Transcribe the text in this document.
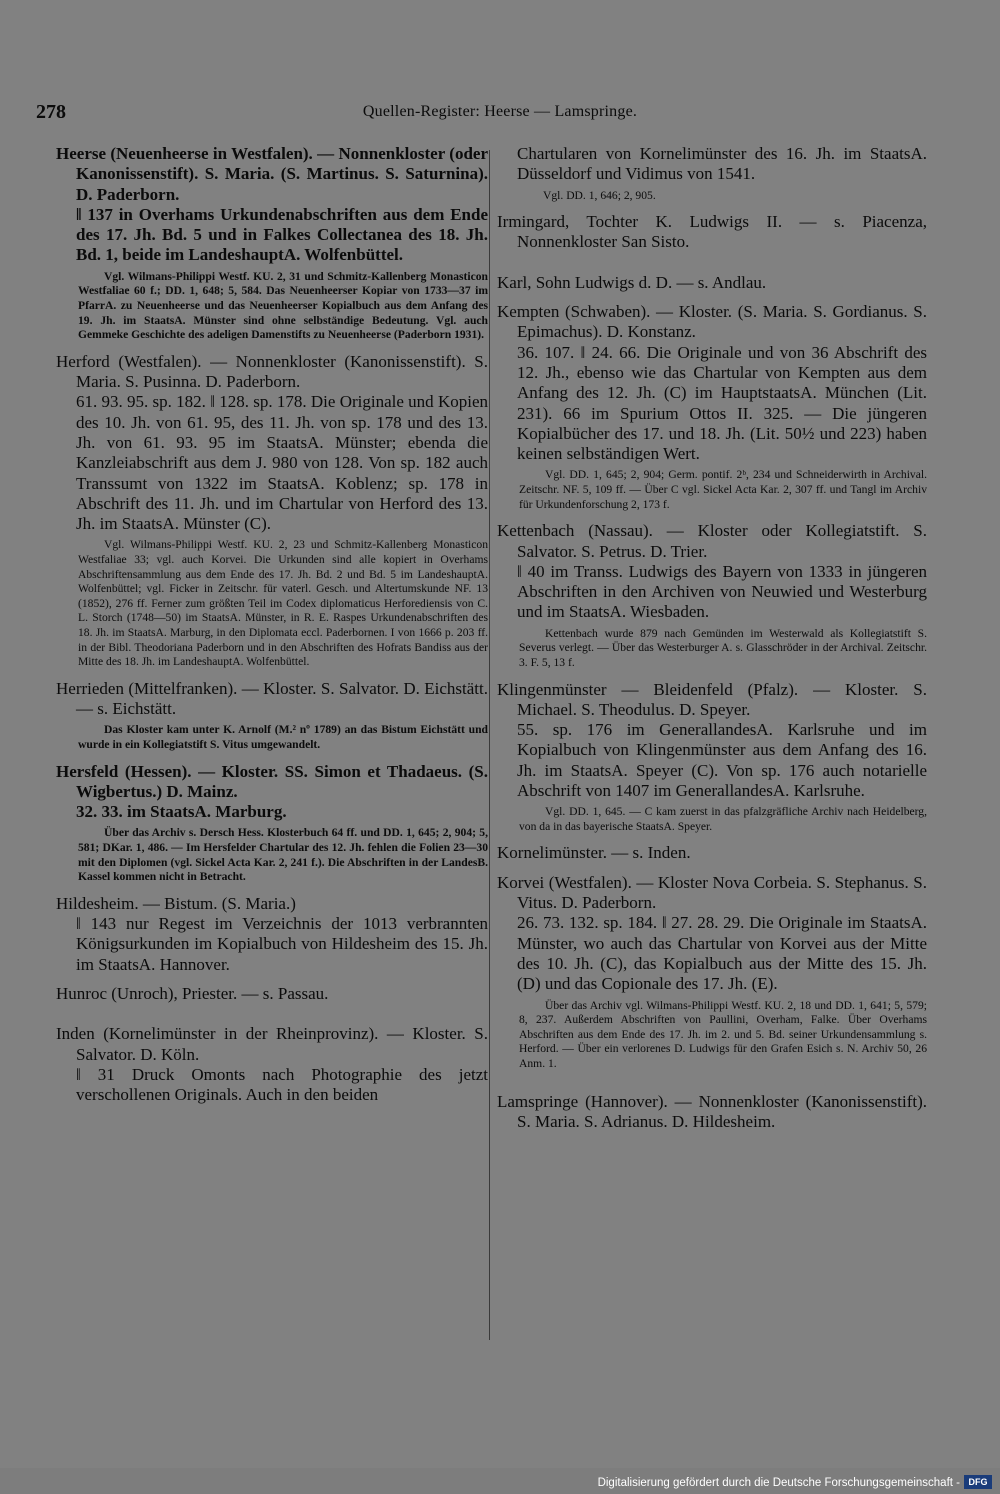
278	Quellen-Register: Heerse — Lamspringe.
Heerse (Neuenheerse in Westfalen). — Nonnenkloster (oder Kanonissenstift). S. Maria. (S. Martinus. S. Saturnina). D. Paderborn.
‖ 137 in Overhams Urkundenabschriften aus dem Ende des 17. Jh. Bd. 5 und in Falkes Collectanea des 18. Jh. Bd. 1, beide im LandeshauptA. Wolfenbüttel.
Vgl. Wilmans-Philippi Westf. KU. 2, 31 und Schmitz-Kallenberg Monasticon Westfaliae 60 f.; DD. 1, 648; 5, 584. Das Neuenheerser Kopiar von 1733—37 im PfarrA. zu Neuenheerse und das Neuenheerser Kopialbuch aus dem Anfang des 19. Jh. im StaatsA. Münster sind ohne selbständige Bedeutung. Vgl. auch Gemmeke Geschichte des adeligen Damenstifts zu Neuenheerse (Paderborn 1931).
Herford (Westfalen). — Nonnenkloster (Kanonissenstift). S. Maria. S. Pusinna. D. Paderborn.
61. 93. 95. sp. 182. ‖ 128. sp. 178. Die Originale und Kopien des 10. Jh. von 61. 95, des 11. Jh. von sp. 178 und des 13. Jh. von 61. 93. 95 im StaatsA. Münster; ebenda die Kanzleiabschrift aus dem J. 980 von 128. Von sp. 182 auch Transsumt von 1322 im StaatsA. Koblenz; sp. 178 in Abschrift des 11. Jh. und im Chartular von Herford des 13. Jh. im StaatsA. Münster (C).
Vgl. Wilmans-Philippi Westf. KU. 2, 23 und Schmitz-Kallenberg Monasticon Westfaliae 33; vgl. auch Korvei. Die Urkunden sind alle kopiert in Overhams Abschriftensammlung aus dem Ende des 17. Jh. Bd. 2 und Bd. 5 im LandeshauptA. Wolfenbüttel; vgl. Ficker in Zeitschr. für vaterl. Gesch. und Altertumskunde NF. 13 (1852), 276 ff. Ferner zum größten Teil im Codex diplomaticus Herforediensis von C. L. Storch (1748—50) im StaatsA. Münster, in R. E. Raspes Urkundenabschriften des 18. Jh. im StaatsA. Marburg, in den Diplomata eccl. Paderbornen. I von 1666 p. 203 ff. in der Bibl. Theodoriana Paderborn und in den Abschriften des Hofrats Bandiss aus der Mitte des 18. Jh. im LandeshauptA. Wolfenbüttel.
Herrieden (Mittelfranken). — Kloster. S. Salvator. D. Eichstätt. — s. Eichstätt.
Das Kloster kam unter K. Arnolf (M.² nº 1789) an das Bistum Eichstätt und wurde in ein Kollegiatstift S. Vitus umgewandelt.
Hersfeld (Hessen). — Kloster. SS. Simon et Thadaeus. (S. Wigbertus.) D. Mainz.
32. 33. im StaatsA. Marburg.
Über das Archiv s. Dersch Hess. Klosterbuch 64 ff. und DD. 1, 645; 2, 904; 5, 581; DKar. 1, 486. — Im Hersfelder Chartular des 12. Jh. fehlen die Folien 23—30 mit den Diplomen (vgl. Sickel Acta Kar. 2, 241 f.). Die Abschriften in der LandesB. Kassel kommen nicht in Betracht.
Hildesheim. — Bistum. (S. Maria.)
‖ 143 nur Regest im Verzeichnis der 1013 verbrannten Königsurkunden im Kopialbuch von Hildesheim des 15. Jh. im StaatsA. Hannover.
Hunroc (Unroch), Priester. — s. Passau.
Inden (Kornelimünster in der Rheinprovinz). — Kloster. S. Salvator. D. Köln.
‖ 31 Druck Omonts nach Photographie des jetzt verschollenen Originals. Auch in den beiden
Chartularen von Kornelimünster des 16. Jh. im StaatsA. Düsseldorf und Vidimus von 1541.
Vgl. DD. 1, 646; 2, 905.
Irmingard, Tochter K. Ludwigs II. — s. Piacenza, Nonnenkloster San Sisto.
Karl, Sohn Ludwigs d. D. — s. Andlau.
Kempten (Schwaben). — Kloster. (S. Maria. S. Gordianus. S. Epimachus). D. Konstanz.
36. 107. ‖ 24. 66. Die Originale und von 36 Abschrift des 12. Jh., ebenso wie das Chartular von Kempten aus dem Anfang des 12. Jh. (C) im HauptstaatsA. München (Lit. 231). 66 im Spurium Ottos II. 325. — Die jüngeren Kopialbücher des 17. und 18. Jh. (Lit. 50½ und 223) haben keinen selbständigen Wert.
Vgl. DD. 1, 645; 2, 904; Germ. pontif. 2ᵇ, 234 und Schneiderwirth in Archival. Zeitschr. NF. 5, 109 ff. — Über C vgl. Sickel Acta Kar. 2, 307 ff. und Tangl im Archiv für Urkundenforschung 2, 173 f.
Kettenbach (Nassau). — Kloster oder Kollegiatstift. S. Salvator. S. Petrus. D. Trier.
‖ 40 im Transs. Ludwigs des Bayern von 1333 in jüngeren Abschriften in den Archiven von Neuwied und Westerburg und im StaatsA. Wiesbaden.
Kettenbach wurde 879 nach Gemünden im Westerwald als Kollegiatstift S. Severus verlegt. — Über das Westerburger A. s. Glasschröder in der Archival. Zeitschr. 3. F. 5, 13 f.
Klingenmünster — Bleidenfeld (Pfalz). — Kloster. S. Michael. S. Theodulus. D. Speyer.
55. sp. 176 im GenerallandesA. Karlsruhe und im Kopialbuch von Klingenmünster aus dem Anfang des 16. Jh. im StaatsA. Speyer (C). Von sp. 176 auch notarielle Abschrift von 1407 im GenerallandesA. Karlsruhe.
Vgl. DD. 1, 645. — C kam zuerst in das pfalzgräfliche Archiv nach Heidelberg, von da in das bayerische StaatsA. Speyer.
Kornelimünster. — s. Inden.
Korvei (Westfalen). — Kloster Nova Corbeia. S. Stephanus. S. Vitus. D. Paderborn.
26. 73. 132. sp. 184. ‖ 27. 28. 29. Die Originale im StaatsA. Münster, wo auch das Chartular von Korvei aus der Mitte des 10. Jh. (C), das Kopialbuch aus der Mitte des 15. Jh. (D) und das Copionale des 17. Jh. (E).
Über das Archiv vgl. Wilmans-Philippi Westf. KU. 2, 18 und DD. 1, 641; 5, 579; 8, 237. Außerdem Abschriften von Paullini, Overham, Falke. Über Overhams Abschriften aus dem Ende des 17. Jh. im 2. und 5. Bd. seiner Urkundensammlung s. Herford. — Über ein verlorenes D. Ludwigs für den Grafen Esich s. N. Archiv 50, 26 Anm. 1.
Lamspringe (Hannover). — Nonnenkloster (Kanonissenstift). S. Maria. S. Adrianus. D. Hildesheim.
Digitalisierung gefördert durch die Deutsche Forschungsgemeinschaft - DFG
